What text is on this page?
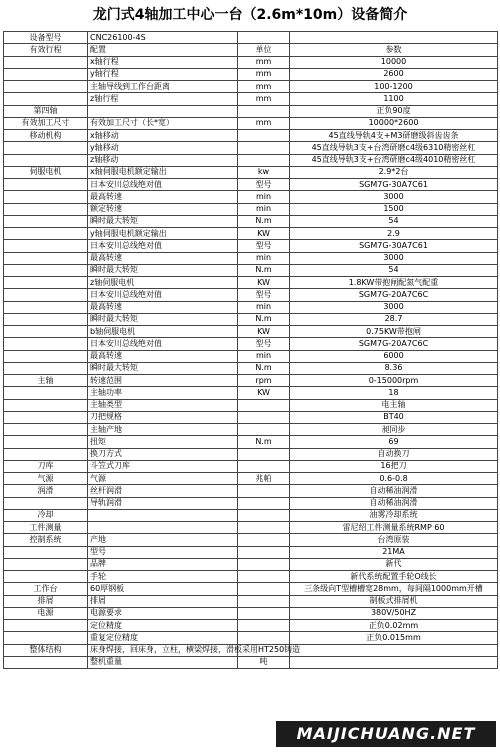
龙门式4轴加工中心一台（2.6m*10m）设备简介
设备型号	CNC26100-4S		
有效行程	配置	单位	参数
	x轴行程	mm	10000
	y轴行程	mm	2600
	主轴导线到工作台距离	mm	100-1200
	z轴行程	mm	1100
第四轴			正负90度
有效加工尺寸	有效加工尺寸（长*宽）	mm	10000*2600
移动机构	x轴移动		45直线导轨4支+M3研磨级斜齿齿条
	y轴移动		45直线导轨3支+台湾研磨c4级6310精密丝杠
	z轴移动		45直线导轨3支+台湾研磨c4级4010精密丝杠
伺服电机	x轴伺服电机额定输出	kw	2.9*2台
	日本安川总线绝对值	型号	SGM7G-30A7C61
	最高转速	min	3000
	额定转速	min	1500
	瞬时最大转矩	N.m	54
	y轴伺服电机额定输出	KW	2.9
	日本安川总线绝对值	型号	SGM7G-30A7C61
	最高转速	min	3000
	瞬时最大转矩	N.m	54
	z轴伺服电机	KW	1.8KW带抱闸配氮气配重
	日本安川总线绝对值	型号	SGM7G-20A7C6C
	最高转速	min	3000
	瞬时最大转矩	N.m	28.7
	b轴伺服电机	KW	0.75KW带抱闸
	日本安川总线绝对值	型号	SGM7G-20A7C6C
	最高转速	min	6000
	瞬时最大转矩	N.m	8.36
主轴	转速范围	rpm	0-15000rpm
	主轴功率	KW	18
	主轴类型		电主轴
	刀把规格		BT40
	主轴产地		昶同步
	扭矩	N.m	69
	换刀方式		自动换刀
刀库	斗笠式刀库		16把刀
气源	气源	兆帕	0.6-0.8
润滑	丝杆润滑		自动稀油润滑
	导轨润滑		自动稀油润滑
冷却			油雾冷却系统
工件测量			雷尼绍工件测量系统RMP 60
控制系统	产地		台湾原装
	型号		21MA
	品牌		新代
	手轮		新代系统配置手轮O线长
工作台	60厚钢板		三条级向T型槽槽宽28mm，每间隔1000mm开槽
排屑	排屑		制板式排屑机
电源	电源要求		380V/50HZ
	定位精度		正负0.02mm
	重复定位精度		正负0.015mm
整体结构	床身焊接，回床身，立柱，横梁焊接，滑板采用HT250铸造		
	整机重量	吨	
MAIJICHUANG.NET
